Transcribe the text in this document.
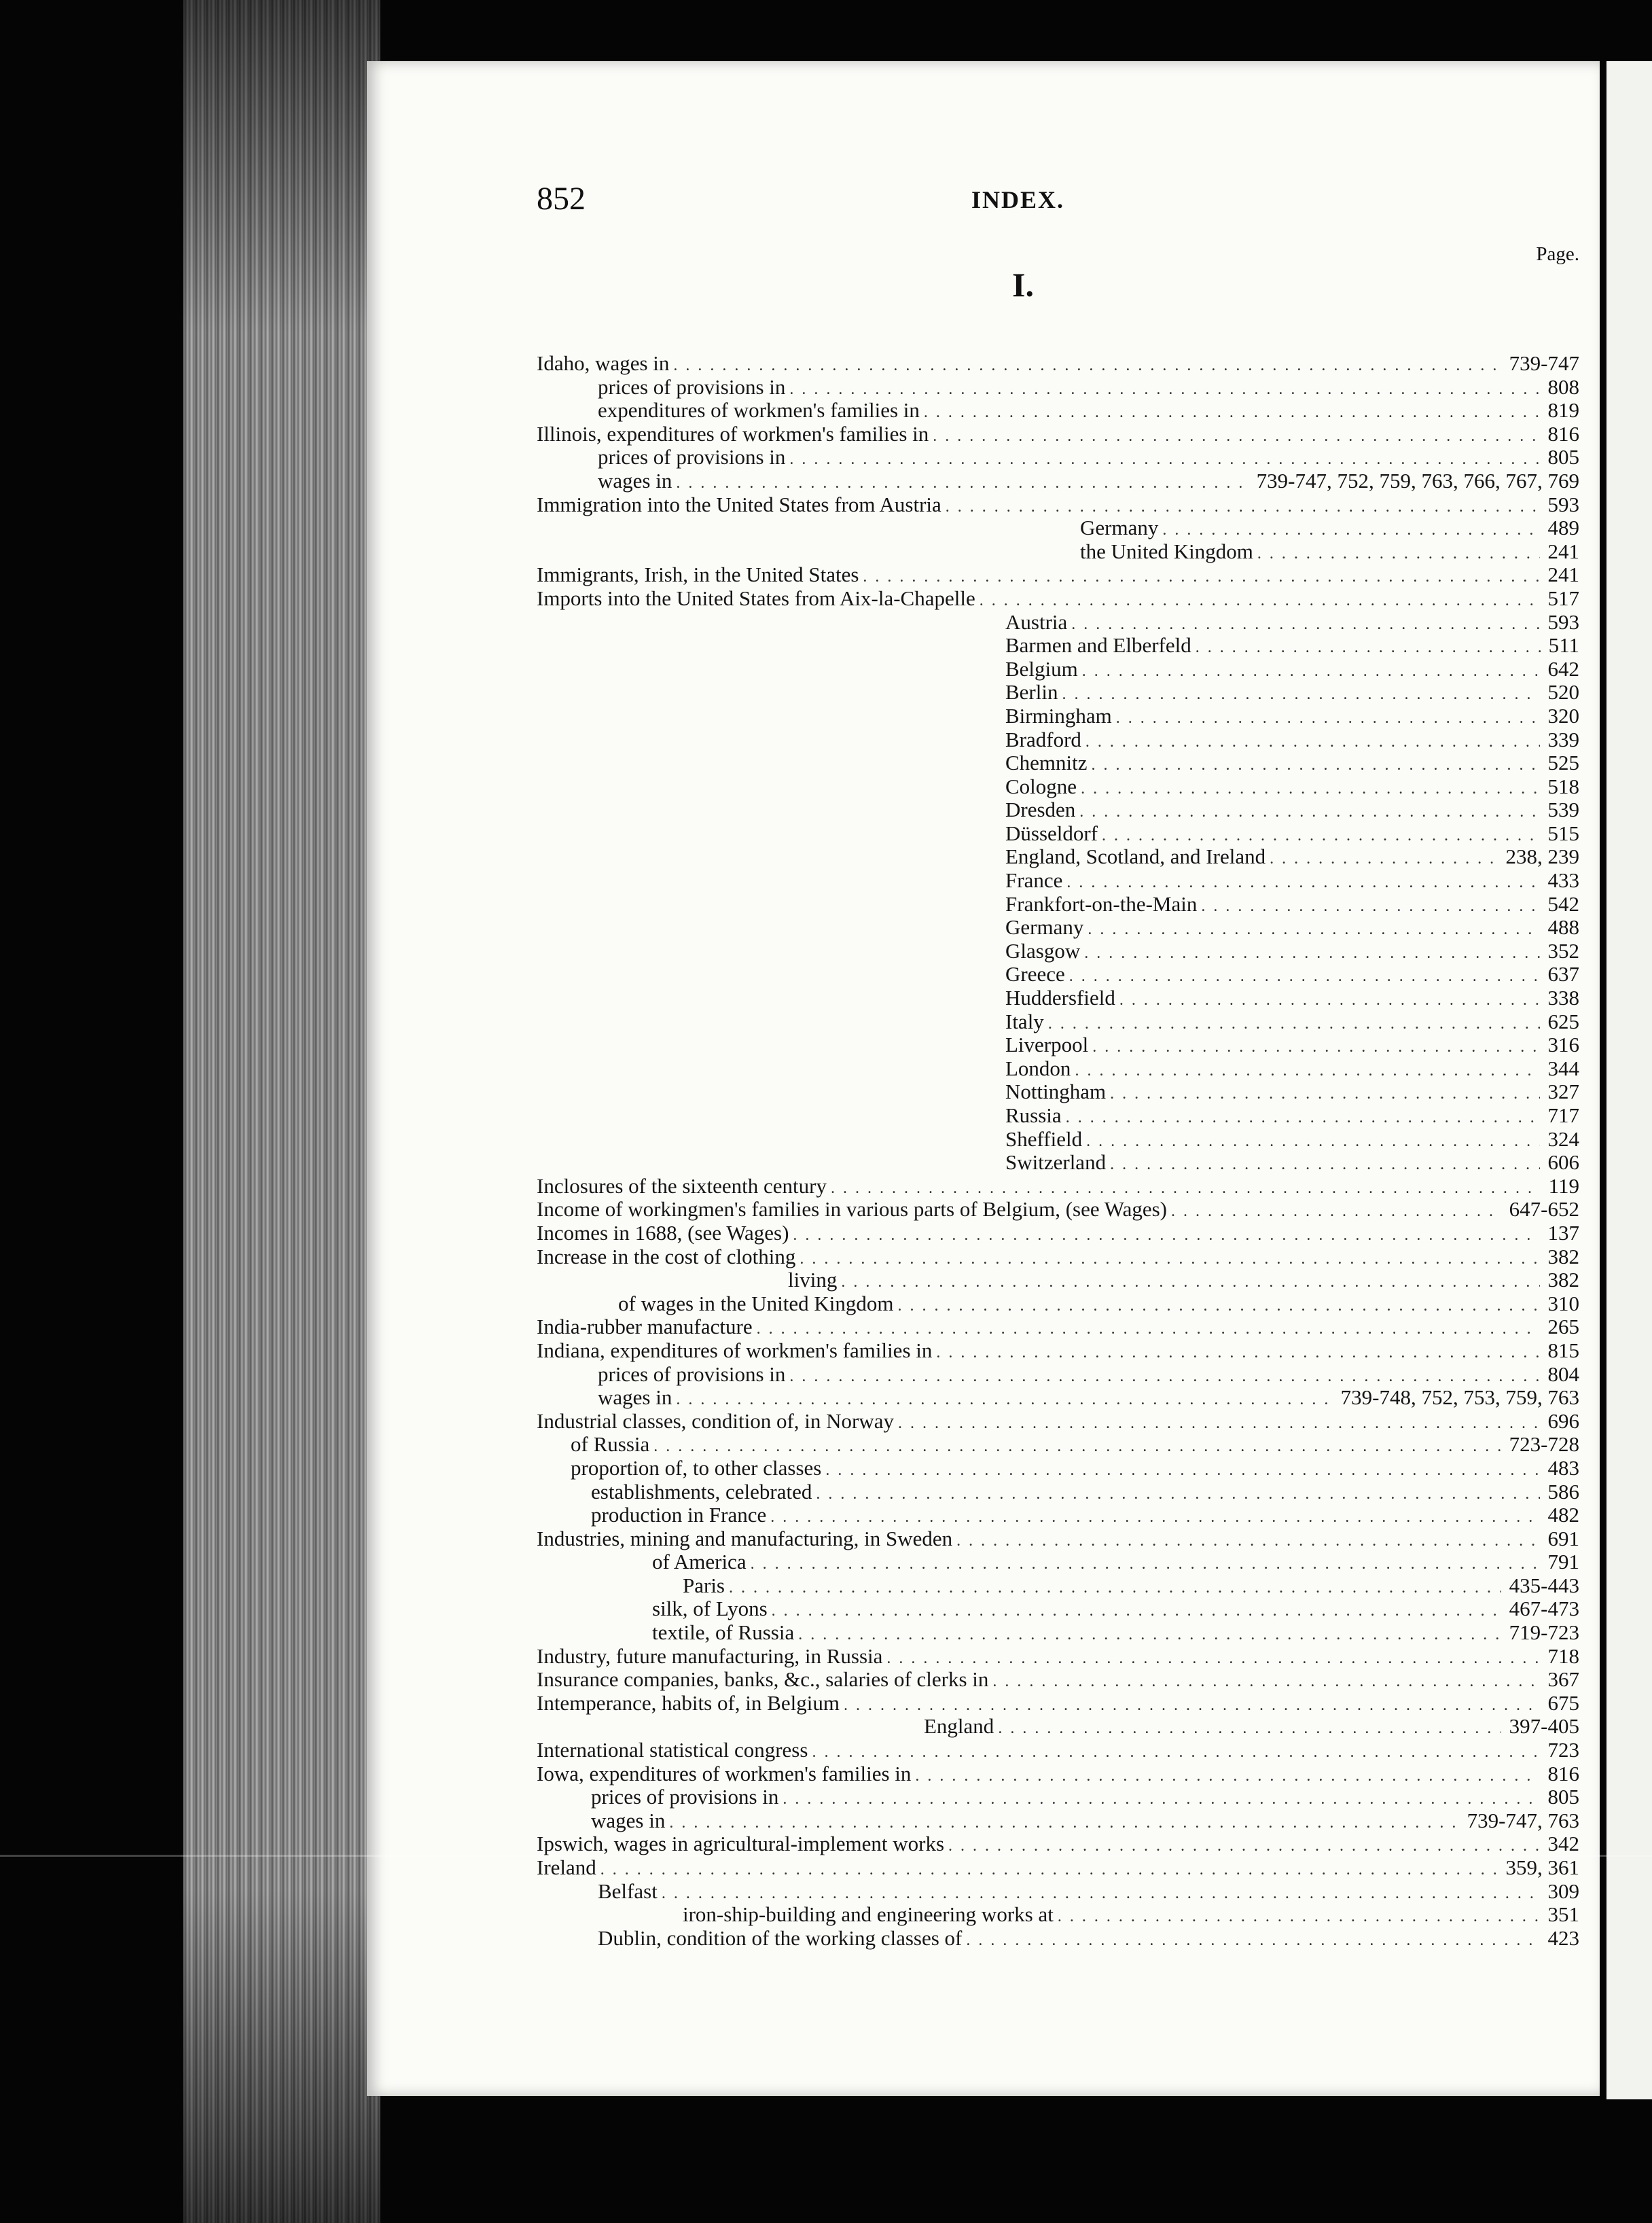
852	INDEX.
Page.
I.
Idaho, wages in . . .	739-747
prices of provisions in . . .	808
expenditures of workmen's families in . . .	819
Illinois, expenditures of workmen's families in . . .	816
prices of provisions in . . .	805
wages in . . .	739-747, 752, 759, 763, 766, 767, 769
Immigration into the United States from Austria . . .	593
Germany . . .	489
the United Kingdom . . .	241
Immigrants, Irish, in the United States . . .	241
Imports into the United States from Aix-la-Chapelle . . .	517
Austria . . .	593
Barmen and Elberfeld . . .	511
Belgium . . .	642
Berlin . . .	520
Birmingham . . .	320
Bradford . . .	339
Chemnitz . . .	525
Cologne . . .	518
Dresden . . .	539
Düsseldorf . . .	515
England, Scotland, and Ireland . . .	238, 239
France . . .	433
Frankfort-on-the-Main . . .	542
Germany . . .	488
Glasgow . . .	352
Greece . . .	637
Huddersfield . . .	338
Italy . . .	625
Liverpool . . .	316
London . . .	344
Nottingham . . .	327
Russia . . .	717
Sheffield . . .	324
Switzerland . . .	606
Inclosures of the sixteenth century . . .	119
Income of workingmen's families in various parts of Belgium, (see Wages) . . .	647-652
Incomes in 1688, (see Wages) . . .	137
Increase in the cost of clothing . . .	382
living . . .	382
of wages in the United Kingdom . . .	310
India-rubber manufacture . . .	265
Indiana, expenditures of workmen's families in . . .	815
prices of provisions in . . .	804
wages in . . .	739-748, 752, 753, 759, 763
Industrial classes, condition of, in Norway . . .	696
of Russia . . .	723-728
proportion of, to other classes . . .	483
establishments, celebrated . . .	586
production in France . . .	482
Industries, mining and manufacturing, in Sweden . . .	691
of America . . .	791
Paris . . .	435-443
silk, of Lyons . . .	467-473
textile, of Russia . . .	719-723
Industry, future manufacturing, in Russia . . .	718
Insurance companies, banks, &c., salaries of clerks in . . .	367
Intemperance, habits of, in Belgium . . .	675
England . . .	397-405
International statistical congress . . .	723
Iowa, expenditures of workmen's families in . . .	816
prices of provisions in . . .	805
wages in . . .	739-747, 763
Ipswich, wages in agricultural-implement works . . .	342
Ireland . . .	359, 361
Belfast . . .	309
iron-ship-building and engineering works at . . .	351
Dublin, condition of the working classes of . . .	423
